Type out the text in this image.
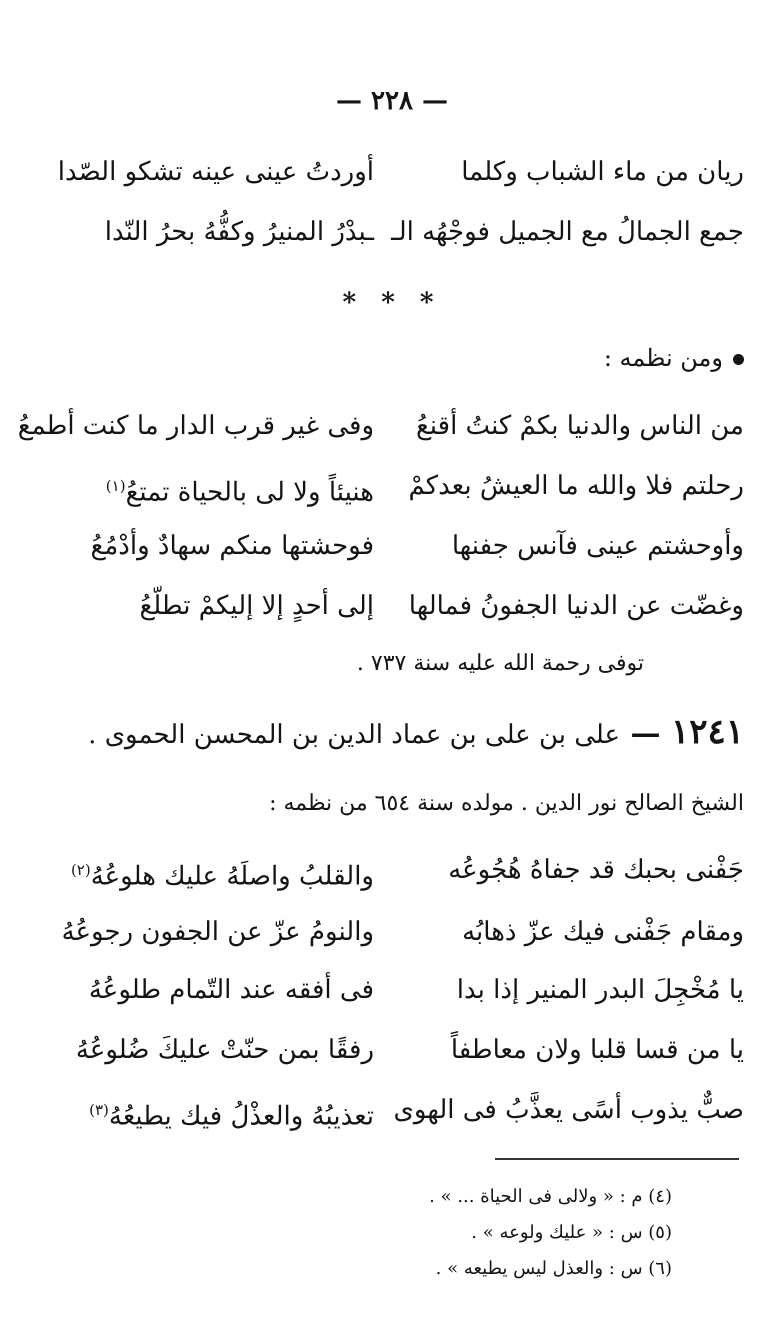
— ٢٢٨ —
ريان من ماء الشباب وكلما
أوردتُ عينى عينه تشكو الصّدا
جمع الجمالُ مع الجميل فوجْهُه الـ
ـبدْرُ المنيرُ وكفُّهُ بحرُ النّدا
* * *
ومن نظمه :
من الناس والدنيا بكمْ كنتُ أقنعُ
وفى غير قرب الدار ما كنت أطمعُ
رحلتم فلا والله ما العيشُ بعدكمْ
هنيئاً ولا لى بالحياة تمتعُ$^{(١)}$
وأوحشتم عينى فآنس جفنها
فوحشتها منكم سهادٌ وأدْمُعُ
وغضّت عن الدنيا الجفونُ فمالها
إلى أحدٍ إلا إليكمْ تطلّعُ
توفى رحمة الله عليه سنة ٧٣٧ .
١٢٤١ — على بن على بن عماد الدين بن المحسن الحموى .
الشيخ الصالح نور الدين . مولده سنة ٦٥٤ من نظمه :
جَفْنى بحبك قد جفاهُ هُجُوعُه
والقلبُ واصلَهُ عليك هلوعُهُ$^{(٢)}$
ومقام جَفْنى فيك عزّ ذهابُه
والنومُ عزّ عن الجفون رجوعُهُ
يا مُخْجِلَ البدر المنير إذا بدا
فى أفقه عند التّمام طلوعُهُ
يا من قسا قلبا ولان معاطفاً
رفقًا بمن حنّتْ عليكَ ضُلوعُهُ
صبٌّ يذوب أسًى يعذَّبُ فى الهوى
تعذيبُهُ والعذْلُ فيك يطيعُهُ$^{(٣)}$
(٤) م : « ولالى فى الحياة ... » .
(٥) س : « عليك ولوعه » .
(٦) س : والعذل ليس يطيعه » .
